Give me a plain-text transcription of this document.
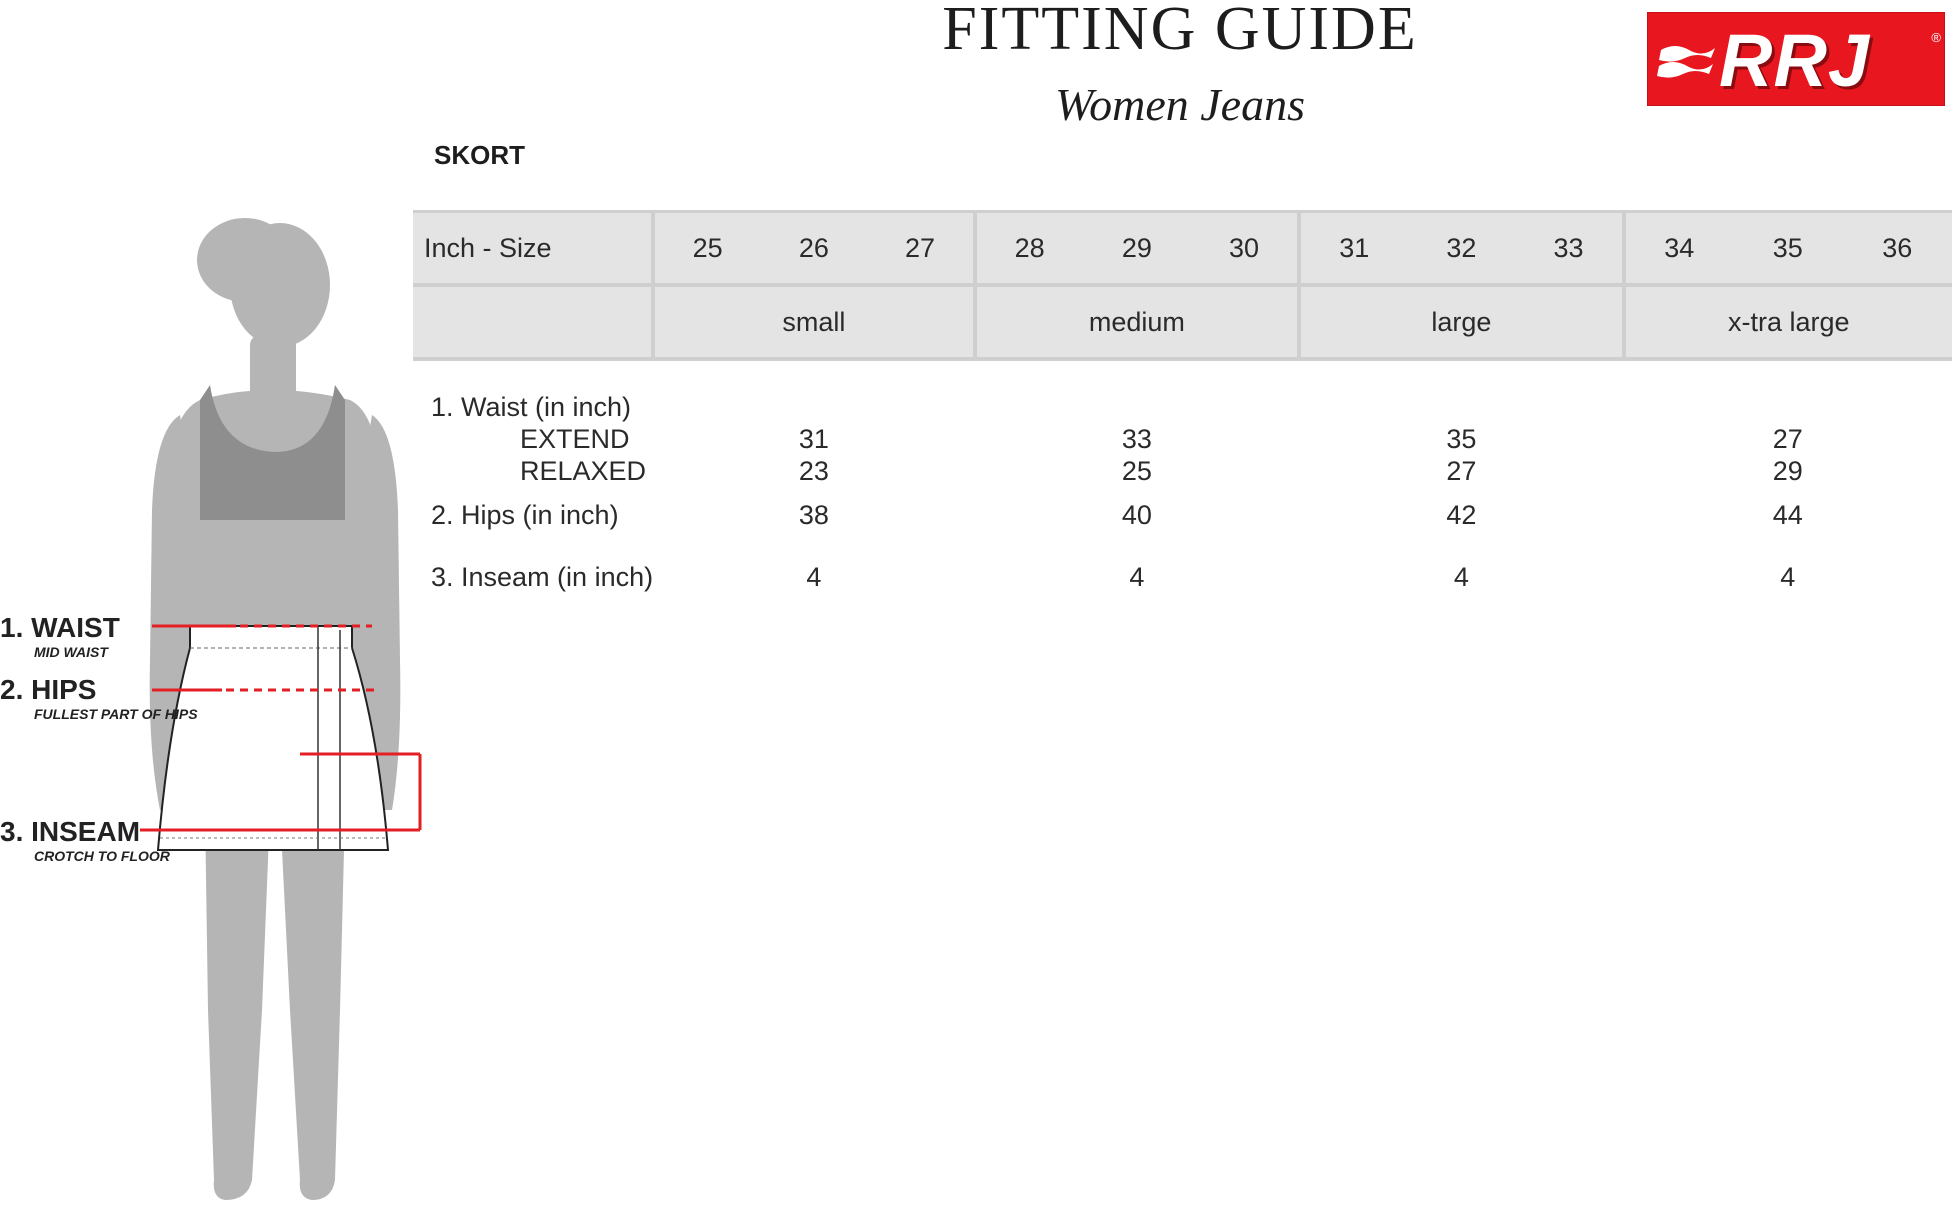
FITTING GUIDE
Women Jeans
SKORT
RRJ	®
Inch - Size	25	26	27	28	29	30	31	32	33	34	35	36
	small			medium			large			x-tra large		

1. Waist (in inch)												
EXTEND	31			33			35			27		
RELAXED	23			25			27			29		

2. Hips (in inch)	38			40			42			44		

3. Inseam (in inch)	4			4			4			4		
1. WAIST
MID WAIST
2. HIPS
FULLEST PART OF HIPS
3. INSEAM
CROTCH TO FLOOR
